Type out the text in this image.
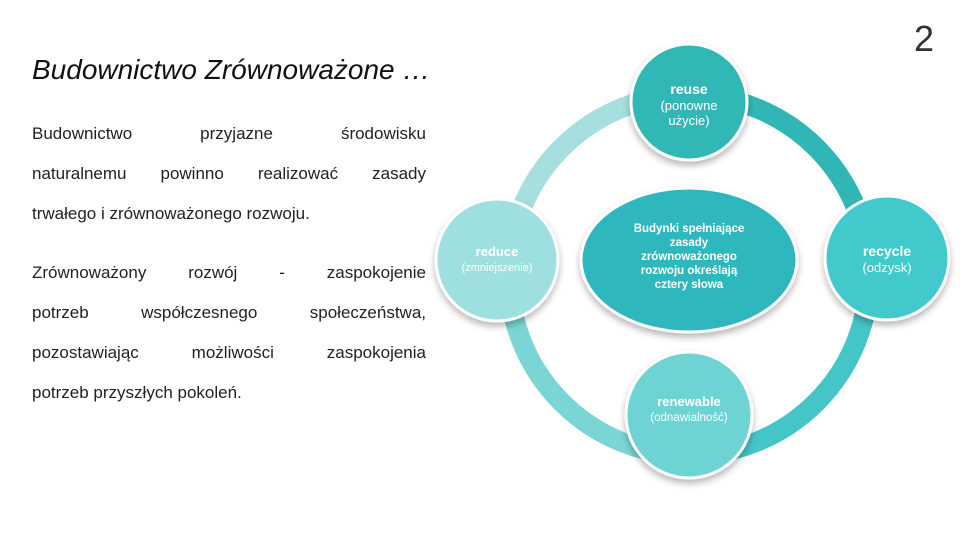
2
Budownictwo Zrównoważone …
Budownictwo	przyjazne	środowisku
naturalnemu powinno realizować zasady
trwałego i zrównoważonego rozwoju.
Zrównoważony rozwój - zaspokojenie
potrzeb	współczesnego	społeczeństwa,
pozostawiając	możliwości	zaspokojenia
potrzeb przyszłych pokoleń.
Budynki spełniające
zasady
zrównoważonego
rozwoju określają
cztery słowa
reuse
(ponowne
użycie)
recycle
(odzysk)
renewable
(odnawialność)
reduce
(zmniejszenie)
